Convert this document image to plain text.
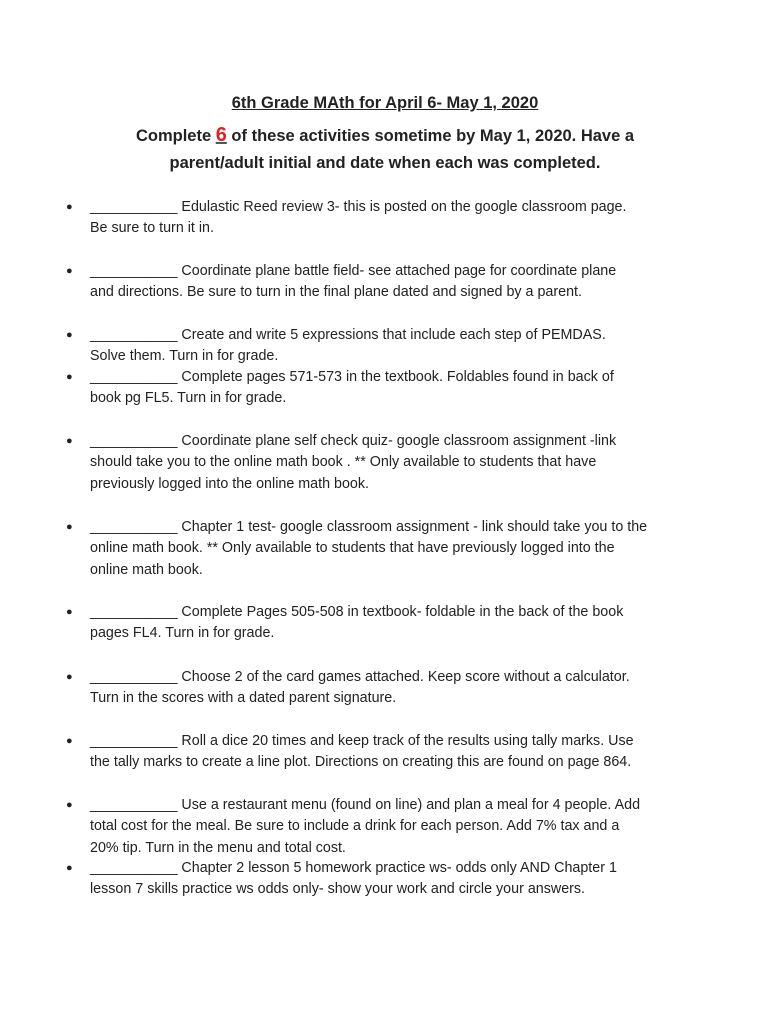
6th Grade MAth for April 6- May 1, 2020
Complete 6 of these activities sometime by May 1, 2020. Have a
parent/adult initial and date when each was completed.
● ___________ Edulastic Reed review 3- this is posted on the google classroom page.
Be sure to turn it in.
● ___________ Coordinate plane battle field- see attached page for coordinate plane
and directions. Be sure to turn in the final plane dated and signed by a parent.
● ___________ Create and write 5 expressions that include each step of PEMDAS.
Solve them. Turn in for grade.
● ___________ Complete pages 571-573 in the textbook. Foldables found in back of
book pg FL5. Turn in for grade.
● ___________ Coordinate plane self check quiz- google classroom assignment -link
should take you to the online math book . ** Only available to students that have
previously logged into the online math book.
● ___________ Chapter 1 test- google classroom assignment - link should take you to the
online math book. ** Only available to students that have previously logged into the
online math book.
● ___________ Complete Pages 505-508 in textbook- foldable in the back of the book
pages FL4. Turn in for grade.
● ___________ Choose 2 of the card games attached. Keep score without a calculator.
Turn in the scores with a dated parent signature.
● ___________ Roll a dice 20 times and keep track of the results using tally marks. Use
the tally marks to create a line plot. Directions on creating this are found on page 864.
● ___________ Use a restaurant menu (found on line) and plan a meal for 4 people. Add
total cost for the meal. Be sure to include a drink for each person. Add 7% tax and a
20% tip. Turn in the menu and total cost.
● ___________ Chapter 2 lesson 5 homework practice ws- odds only AND Chapter 1
lesson 7 skills practice ws odds only- show your work and circle your answers.
